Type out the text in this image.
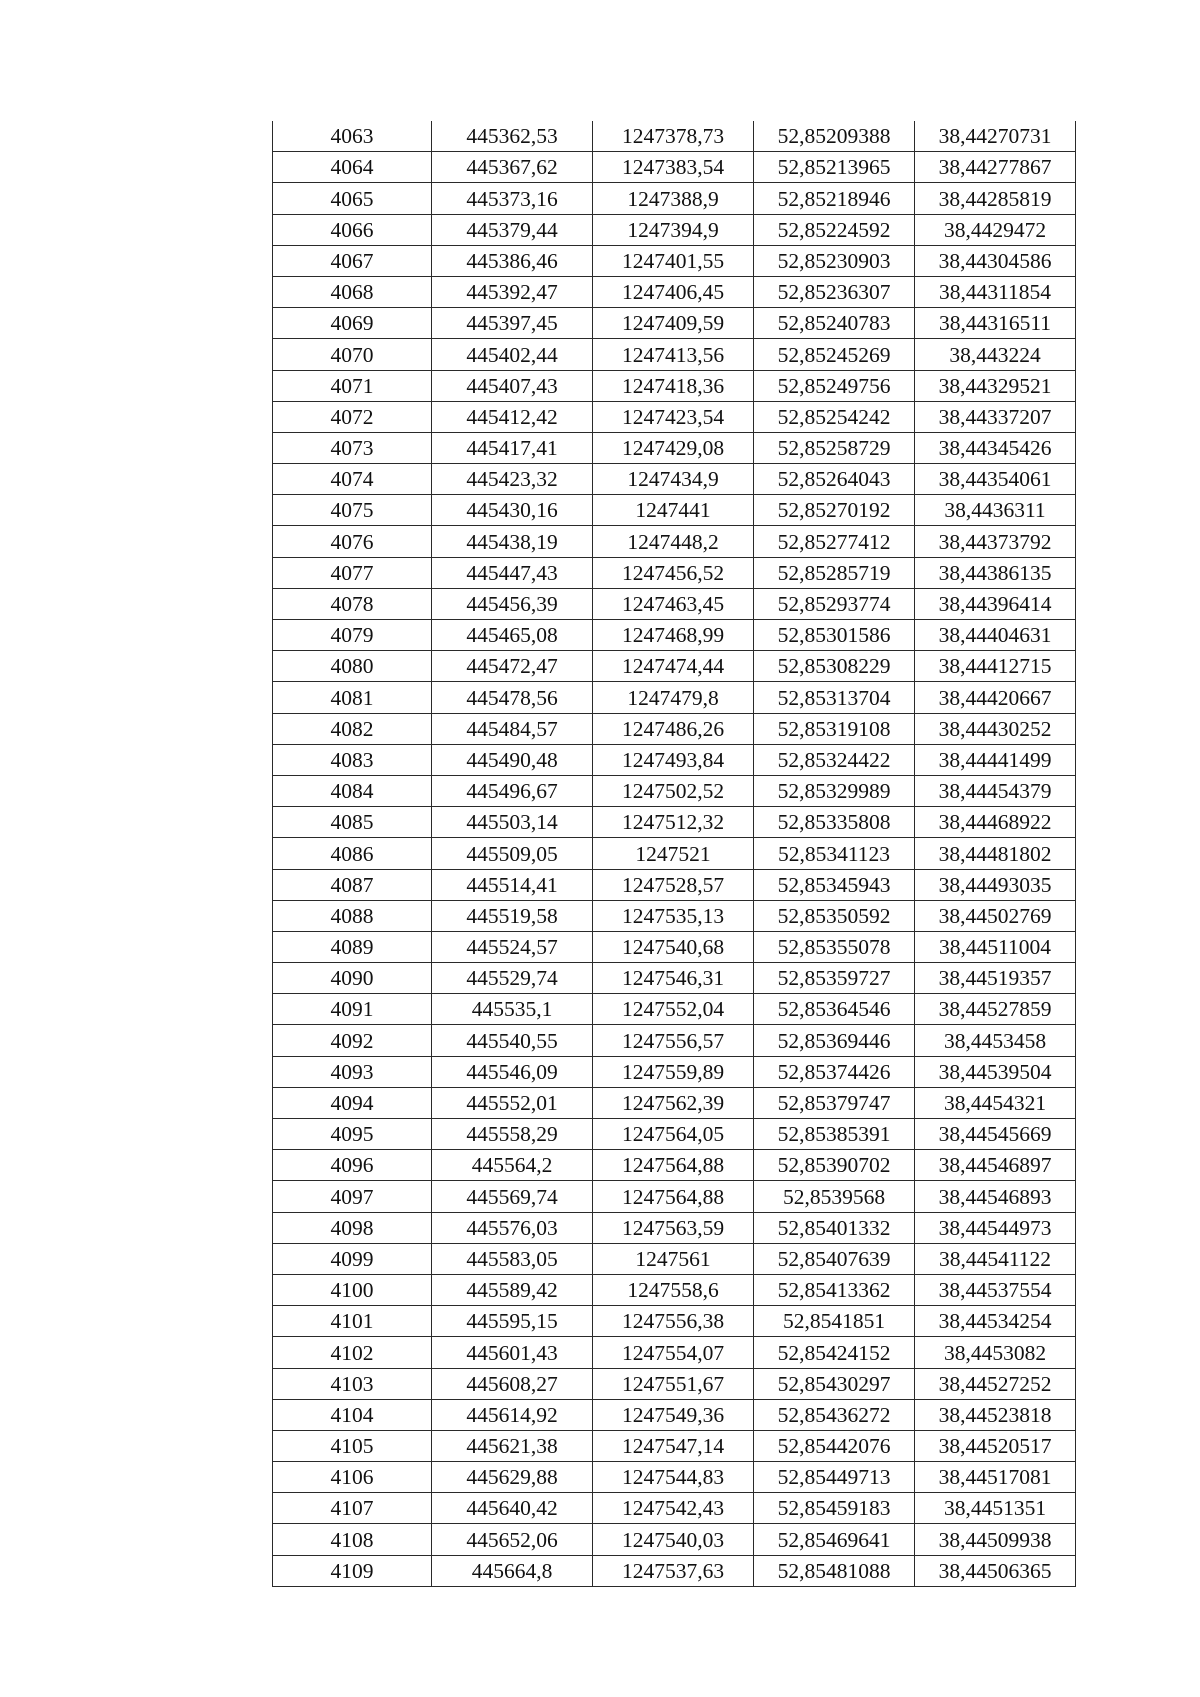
4063	445362,53	1247378,73	52,85209388	38,44270731
4064	445367,62	1247383,54	52,85213965	38,44277867
4065	445373,16	1247388,9	52,85218946	38,44285819
4066	445379,44	1247394,9	52,85224592	38,4429472
4067	445386,46	1247401,55	52,85230903	38,44304586
4068	445392,47	1247406,45	52,85236307	38,44311854
4069	445397,45	1247409,59	52,85240783	38,44316511
4070	445402,44	1247413,56	52,85245269	38,443224
4071	445407,43	1247418,36	52,85249756	38,44329521
4072	445412,42	1247423,54	52,85254242	38,44337207
4073	445417,41	1247429,08	52,85258729	38,44345426
4074	445423,32	1247434,9	52,85264043	38,44354061
4075	445430,16	1247441	52,85270192	38,4436311
4076	445438,19	1247448,2	52,85277412	38,44373792
4077	445447,43	1247456,52	52,85285719	38,44386135
4078	445456,39	1247463,45	52,85293774	38,44396414
4079	445465,08	1247468,99	52,85301586	38,44404631
4080	445472,47	1247474,44	52,85308229	38,44412715
4081	445478,56	1247479,8	52,85313704	38,44420667
4082	445484,57	1247486,26	52,85319108	38,44430252
4083	445490,48	1247493,84	52,85324422	38,44441499
4084	445496,67	1247502,52	52,85329989	38,44454379
4085	445503,14	1247512,32	52,85335808	38,44468922
4086	445509,05	1247521	52,85341123	38,44481802
4087	445514,41	1247528,57	52,85345943	38,44493035
4088	445519,58	1247535,13	52,85350592	38,44502769
4089	445524,57	1247540,68	52,85355078	38,44511004
4090	445529,74	1247546,31	52,85359727	38,44519357
4091	445535,1	1247552,04	52,85364546	38,44527859
4092	445540,55	1247556,57	52,85369446	38,4453458
4093	445546,09	1247559,89	52,85374426	38,44539504
4094	445552,01	1247562,39	52,85379747	38,4454321
4095	445558,29	1247564,05	52,85385391	38,44545669
4096	445564,2	1247564,88	52,85390702	38,44546897
4097	445569,74	1247564,88	52,8539568	38,44546893
4098	445576,03	1247563,59	52,85401332	38,44544973
4099	445583,05	1247561	52,85407639	38,44541122
4100	445589,42	1247558,6	52,85413362	38,44537554
4101	445595,15	1247556,38	52,8541851	38,44534254
4102	445601,43	1247554,07	52,85424152	38,4453082
4103	445608,27	1247551,67	52,85430297	38,44527252
4104	445614,92	1247549,36	52,85436272	38,44523818
4105	445621,38	1247547,14	52,85442076	38,44520517
4106	445629,88	1247544,83	52,85449713	38,44517081
4107	445640,42	1247542,43	52,85459183	38,4451351
4108	445652,06	1247540,03	52,85469641	38,44509938
4109	445664,8	1247537,63	52,85481088	38,44506365
